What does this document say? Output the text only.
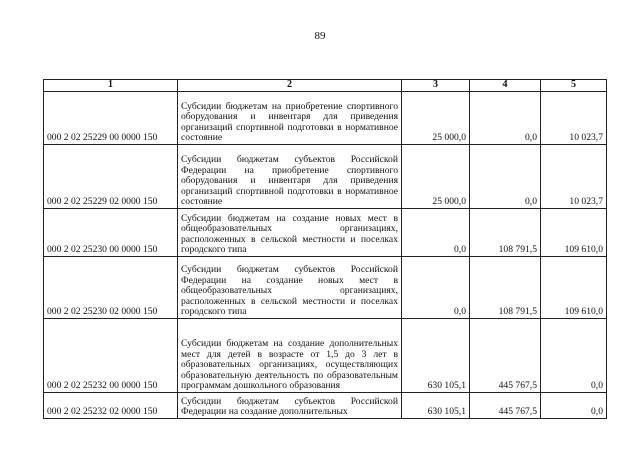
89
1	2	3	4	5
000 2 02 25229 00 0000 150	Субсидии бюджетам на приобретение спортивного оборудования и инвентаря для приведения организаций спортивной подготовки в нормативное состояние	25 000,0	0,0	10 023,7
000 2 02 25229 02 0000 150	Субсидии бюджетам субъектов Российской Федерации на приобретение спортивного оборудования и инвентаря для приведения организаций спортивной подготовки в нормативное состояние	25 000,0	0,0	10 023,7
000 2 02 25230 00 0000 150	Субсидии бюджетам на создание новых мест в общеобразовательных организациях, расположенных в сельской местности и поселках городского типа	0,0	108 791,5	109 610,0
000 2 02 25230 02 0000 150	Субсидии бюджетам субъектов Российской Федерации на создание новых мест в общеобразовательных организациях, расположенных в сельской местности и поселках городского типа	0,0	108 791,5	109 610,0
000 2 02 25232 00 0000 150	Субсидии бюджетам на создание дополнительных мест для детей в возрасте от 1,5 до 3 лет в образовательных организациях, осуществляющих образовательную деятельность по образовательным программам дошкольного образования	630 105,1	445 767,5	0,0
000 2 02 25232 02 0000 150	Субсидии бюджетам субъектов Российской Федерации на создание дополнительных	630 105,1	445 767,5	0,0
